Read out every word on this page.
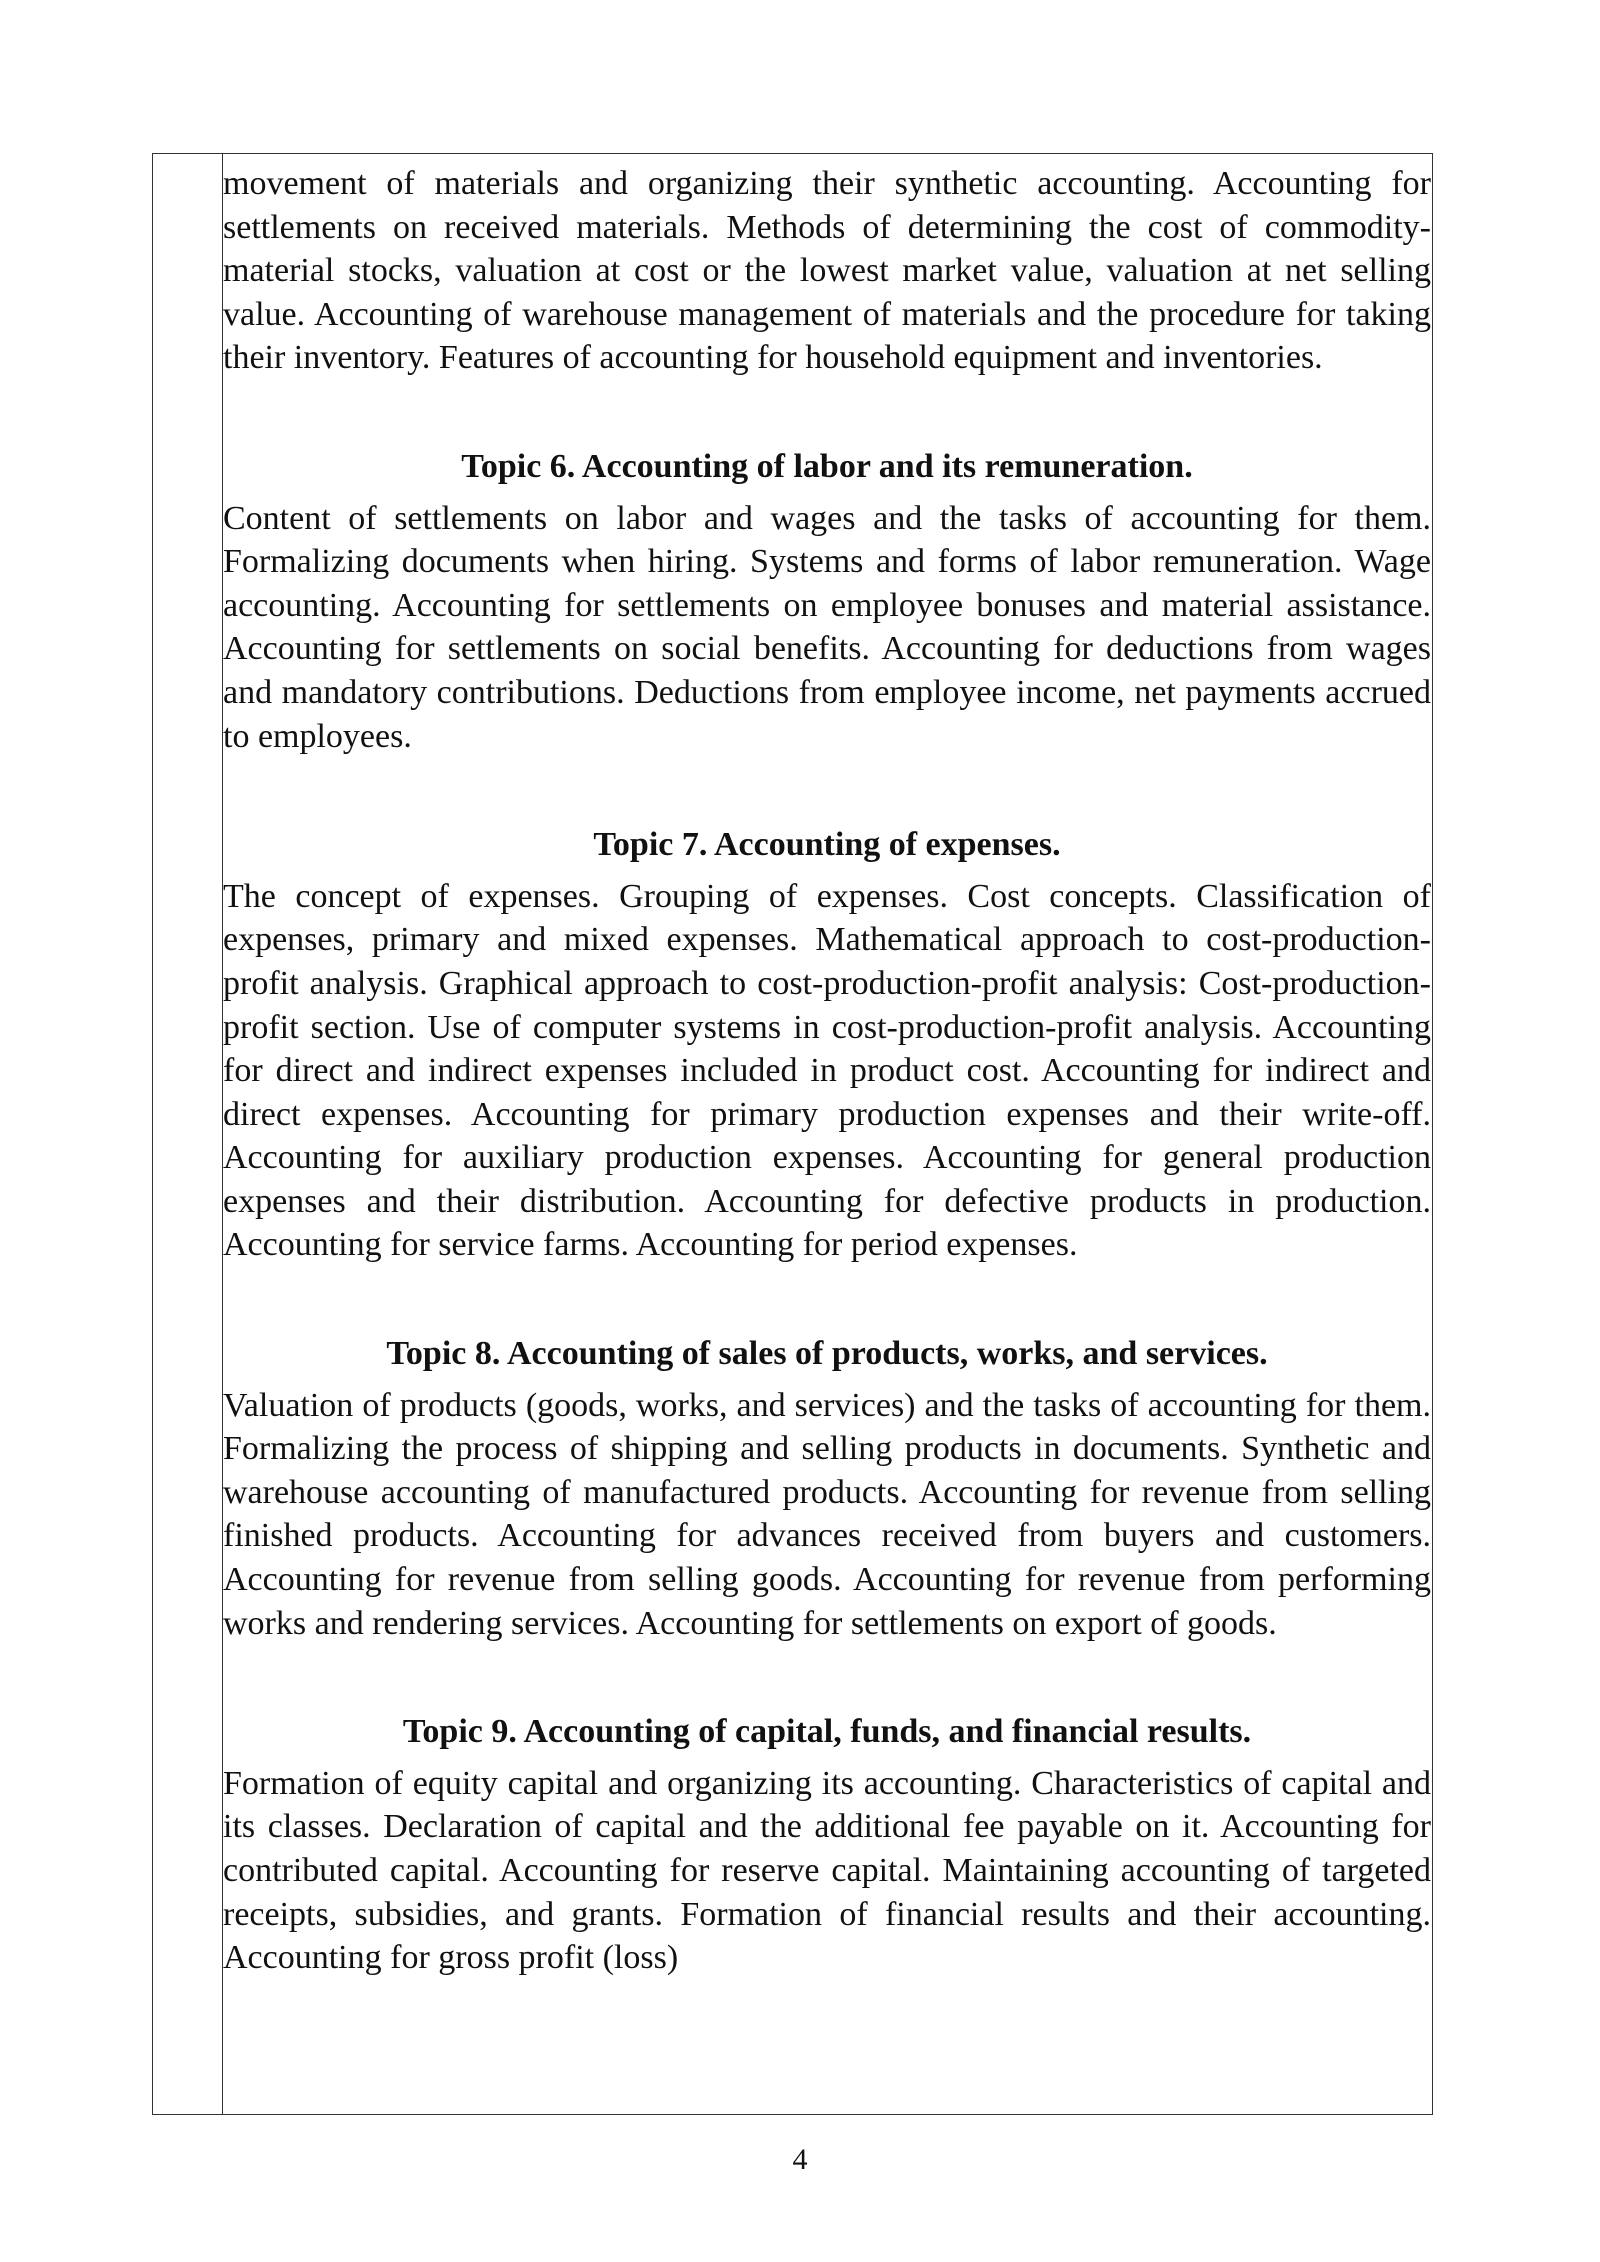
movement of materials and organizing their synthetic accounting. Accounting for settlements on received materials. Methods of determining the cost of commodity-material stocks, valuation at cost or the lowest market value, valuation at net selling value. Accounting of warehouse management of materials and the procedure for taking their inventory. Features of accounting for household equipment and inventories.

Topic 6. Accounting of labor and its remuneration.

Content of settlements on labor and wages and the tasks of accounting for them. Formalizing documents when hiring. Systems and forms of labor remuneration. Wage accounting. Accounting for settlements on employee bonuses and material assistance. Accounting for settlements on social benefits. Accounting for deductions from wages and mandatory contributions. Deductions from employee income, net payments accrued to employees.

Topic 7. Accounting of expenses.

The concept of expenses. Grouping of expenses. Cost concepts. Classification of expenses, primary and mixed expenses. Mathematical approach to cost-production-profit analysis. Graphical approach to cost-production-profit analysis: Cost-production-profit section. Use of computer systems in cost-production-profit analysis. Accounting for direct and indirect expenses included in product cost. Accounting for indirect and direct expenses. Accounting for primary production expenses and their write-off. Accounting for auxiliary production expenses. Accounting for general production expenses and their distribution. Accounting for defective products in production. Accounting for service farms. Accounting for period expenses.

Topic 8. Accounting of sales of products, works, and services.

Valuation of products (goods, works, and services) and the tasks of accounting for them. Formalizing the process of shipping and selling products in documents. Synthetic and warehouse accounting of manufactured products. Accounting for revenue from selling finished products. Accounting for advances received from buyers and customers. Accounting for revenue from selling goods. Accounting for revenue from performing works and rendering services. Accounting for settlements on export of goods.

Topic 9. Accounting of capital, funds, and financial results.

Formation of equity capital and organizing its accounting. Characteristics of capital and its classes. Declaration of capital and the additional fee payable on it. Accounting for contributed capital. Accounting for reserve capital. Maintaining accounting of targeted receipts, subsidies, and grants. Formation of financial results and their accounting. Accounting for gross profit (loss)

4
